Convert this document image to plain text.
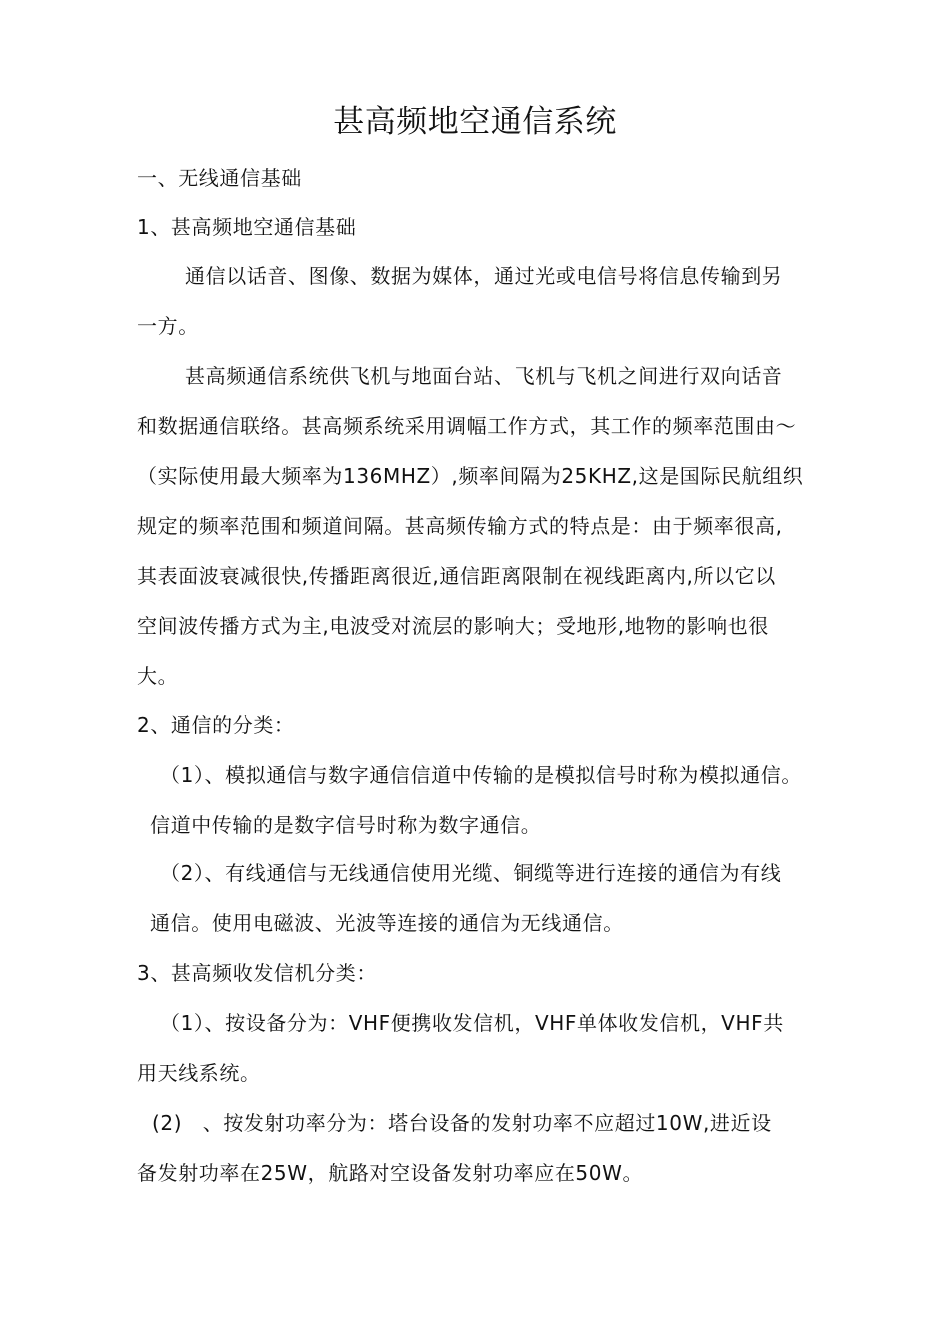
甚高频地空通信系统
一、无线通信基础
1、甚高频地空通信基础
通信以话音、图像、数据为媒体，通过光或电信号将信息传输到另
一方。
甚高频通信系统供飞机与地面台站、飞机与飞机之间进行双向话音
和数据通信联络。甚高频系统采用调幅工作方式，其工作的频率范围由～
（实际使用最大频率为136MHZ）,频率间隔为25KHZ,这是国际民航组织
规定的频率范围和频道间隔。甚高频传输方式的特点是：由于频率很高,
其表面波衰减很快,传播距离很近,通信距离限制在视线距离内,所以它以
空间波传播方式为主,电波受对流层的影响大；受地形,地物的影响也很
大。
2、通信的分类：
（1）、模拟通信与数字通信信道中传输的是模拟信号时称为模拟通信。
信道中传输的是数字信号时称为数字通信。
（2）、有线通信与无线通信使用光缆、铜缆等进行连接的通信为有线
通信。使用电磁波、光波等连接的通信为无线通信。
3、甚高频收发信机分类：
（1）、按设备分为：VHF便携收发信机，VHF单体收发信机，VHF共
用天线系统。
(2)　、按发射功率分为：塔台设备的发射功率不应超过10W,进近设
备发射功率在25W，航路对空设备发射功率应在50W。
